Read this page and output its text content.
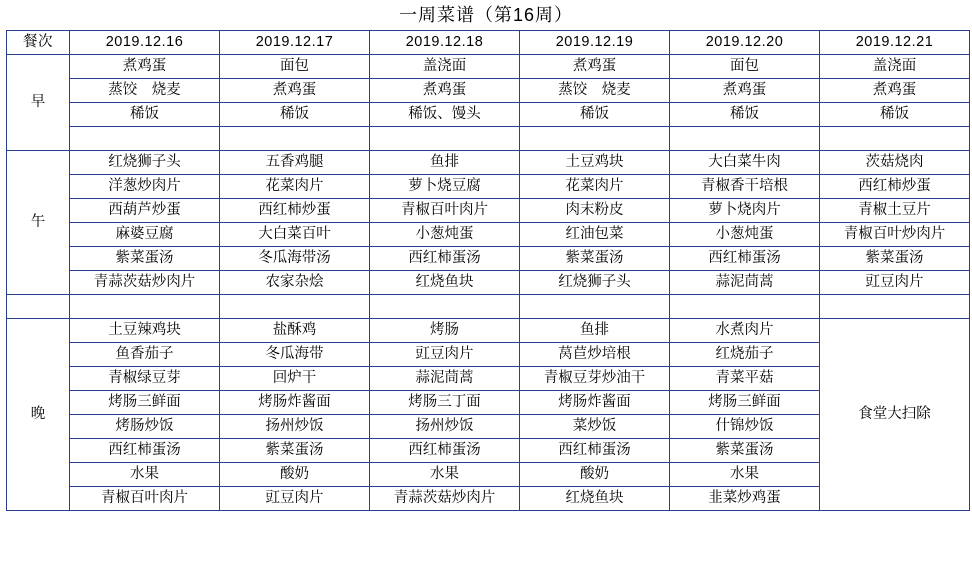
一周菜谱（第16周）
餐次	2019.12.16	2019.12.17	2019.12.18	2019.12.19	2019.12.20	2019.12.21
早	煮鸡蛋	面包	盖浇面	煮鸡蛋	面包	盖浇面
	蒸饺　烧麦	煮鸡蛋	煮鸡蛋	蒸饺　烧麦	煮鸡蛋	煮鸡蛋
	稀饭	稀饭	稀饭、馒头	稀饭	稀饭	稀饭

午	红烧狮子头	五香鸡腿	鱼排	土豆鸡块	大白菜牛肉	茨菇烧肉
	洋葱炒肉片	花菜肉片	萝卜烧豆腐	花菜肉片	青椒香干培根	西红柿炒蛋
	西葫芦炒蛋	西红柿炒蛋	青椒百叶肉片	肉末粉皮	萝卜烧肉片	青椒土豆片
	麻婆豆腐	大白菜百叶	小葱炖蛋	红油包菜	小葱炖蛋	青椒百叶炒肉片
	紫菜蛋汤	冬瓜海带汤	西红柿蛋汤	紫菜蛋汤	西红柿蛋汤	紫菜蛋汤
	青蒜茨菇炒肉片	农家杂烩	红烧鱼块	红烧狮子头	蒜泥茼蒿	豇豆肉片

晚	土豆辣鸡块	盐酥鸡	烤肠	鱼排	水煮肉片	食堂大扫除
	鱼香茄子	冬瓜海带	豇豆肉片	莴苣炒培根	红烧茄子	
	青椒绿豆芽	回炉干	蒜泥茼蒿	青椒豆芽炒油干	青菜平菇	
	烤肠三鲜面	烤肠炸酱面	烤肠三丁面	烤肠炸酱面	烤肠三鲜面	
	烤肠炒饭	扬州炒饭	扬州炒饭	菜炒饭	什锦炒饭	
	西红柿蛋汤	紫菜蛋汤	西红柿蛋汤	西红柿蛋汤	紫菜蛋汤	
	水果	酸奶	水果	酸奶	水果	
	青椒百叶肉片	豇豆肉片	青蒜茨菇炒肉片	红烧鱼块	韭菜炒鸡蛋	
